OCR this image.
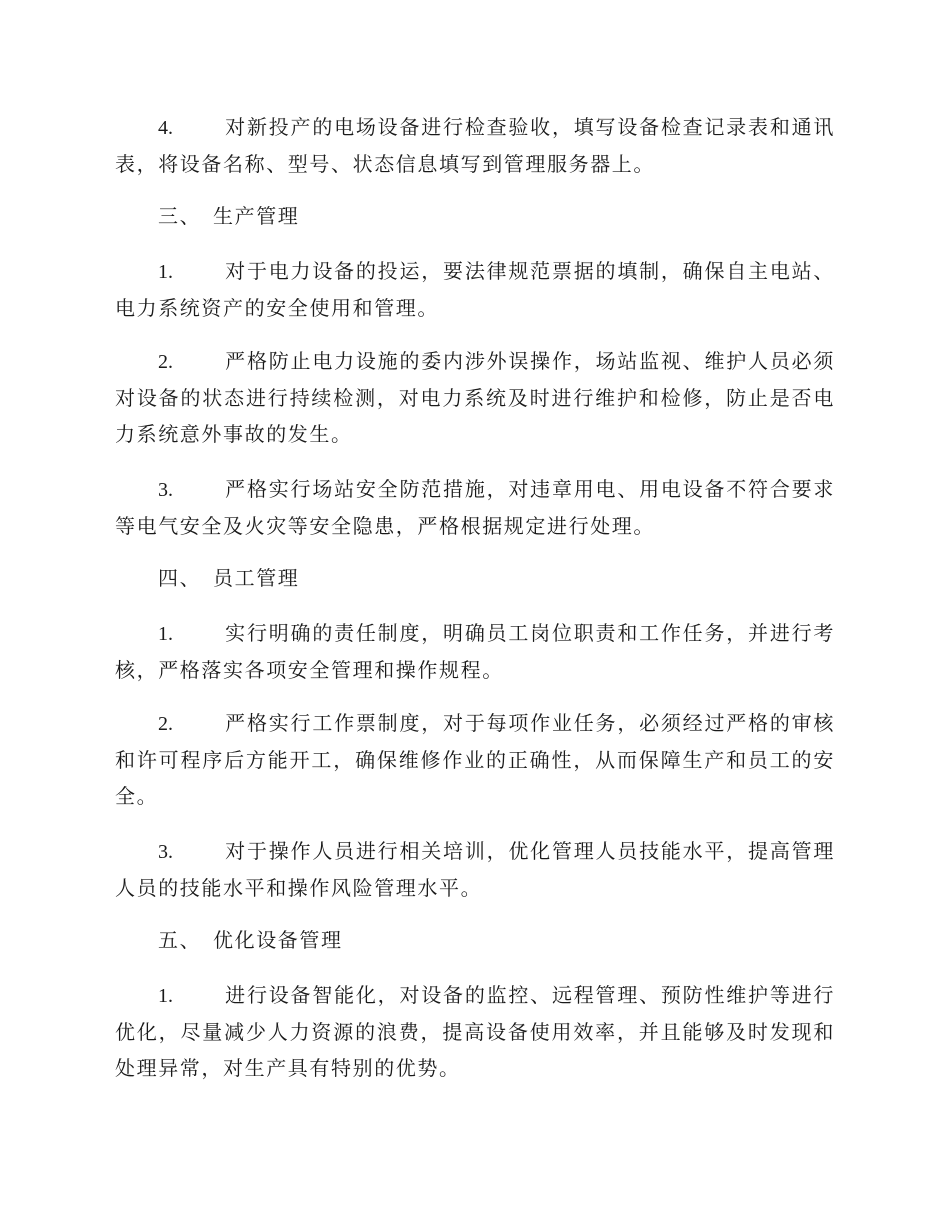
4.	对新投产的电场设备进行检查验收，填写设备检查记录表和通讯表，将设备名称、型号、状态信息填写到管理服务器上。

三、 生产管理

1.	对于电力设备的投运，要法律规范票据的填制，确保自主电站、电力系统资产的安全使用和管理。

2.	严格防止电力设施的委内涉外误操作，场站监视、维护人员必须对设备的状态进行持续检测，对电力系统及时进行维护和检修，防止是否电力系统意外事故的发生。

3.	严格实行场站安全防范措施，对违章用电、用电设备不符合要求等电气安全及火灾等安全隐患，严格根据规定进行处理。

四、 员工管理

1.	实行明确的责任制度，明确员工岗位职责和工作任务，并进行考核，严格落实各项安全管理和操作规程。

2.	严格实行工作票制度，对于每项作业任务，必须经过严格的审核和许可程序后方能开工，确保维修作业的正确性，从而保障生产和员工的安全。

3.	对于操作人员进行相关培训，优化管理人员技能水平，提高管理人员的技能水平和操作风险管理水平。

五、 优化设备管理

1.	进行设备智能化，对设备的监控、远程管理、预防性维护等进行优化，尽量减少人力资源的浪费，提高设备使用效率，并且能够及时发现和处理异常，对生产具有特别的优势。
